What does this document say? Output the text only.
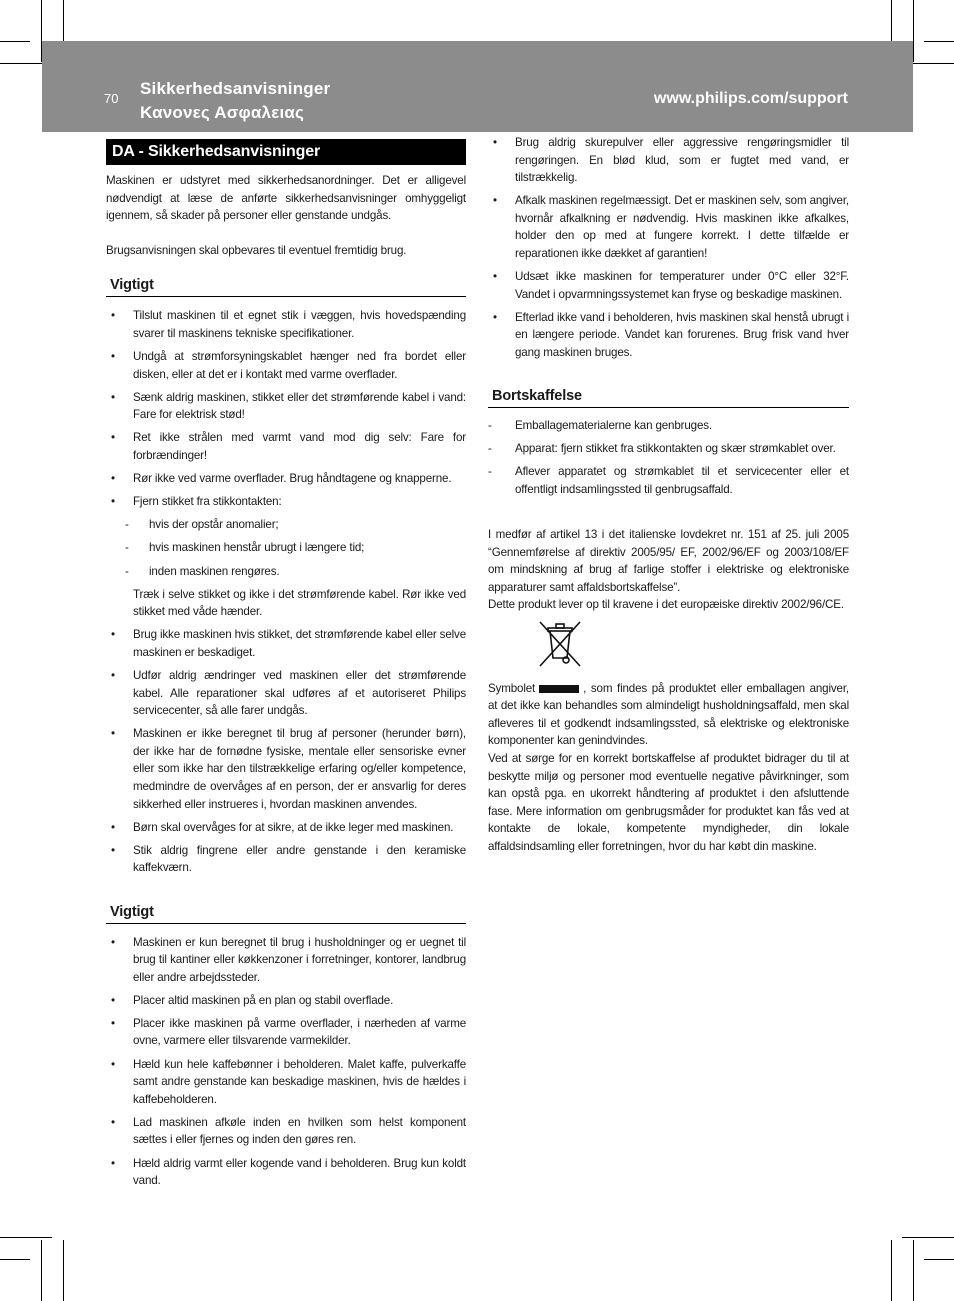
70
Sikkerhedsanvisninger
Κανονες Ασφαλειας
www.philips.com/support
DA - Sikkerhedsanvisninger

Maskinen er udstyret med sikkerhedsanordninger. Det er alligevel nødvendigt at læse de anførte sikkerhedsanvisninger omhyggeligt igennem, så skader på personer eller genstande undgås.

Brugsanvisningen skal opbevares til eventuel fremtidig brug.

Vigtigt
• Tilslut maskinen til et egnet stik i væggen, hvis hovedspænding svarer til maskinens tekniske specifikationer.
• Undgå at strømforsyningskablet hænger ned fra bordet eller disken, eller at det er i kontakt med varme overflader.
• Sænk aldrig maskinen, stikket eller det strømførende kabel i vand: Fare for elektrisk stød!
• Ret ikke strålen med varmt vand mod dig selv: Fare for forbrændinger!
• Rør ikke ved varme overflader. Brug håndtagene og knapperne.
• Fjern stikket fra stikkontakten:
- hvis der opstår anomalier;
- hvis maskinen henstår ubrugt i længere tid;
- inden maskinen rengøres.
Træk i selve stikket og ikke i det strømførende kabel. Rør ikke ved stikket med våde hænder.
• Brug ikke maskinen hvis stikket, det strømførende kabel eller selve maskinen er beskadiget.
• Udfør aldrig ændringer ved maskinen eller det strømførende kabel. Alle reparationer skal udføres af et autoriseret Philips servicecenter, så alle farer undgås.
• Maskinen er ikke beregnet til brug af personer (herunder børn), der ikke har de fornødne fysiske, mentale eller sensoriske evner eller som ikke har den tilstrækkelige erfaring og/eller kompetence, medmindre de overvåges af en person, der er ansvarlig for deres sikkerhed eller instrueres i, hvordan maskinen anvendes.
• Børn skal overvåges for at sikre, at de ikke leger med maskinen.
• Stik aldrig fingrene eller andre genstande i den keramiske kaffekværn.
Vigtigt
• Maskinen er kun beregnet til brug i husholdninger og er uegnet til brug til kantiner eller køkkenzoner i forretninger, kontorer, landbrug eller andre arbejdssteder.
• Placer altid maskinen på en plan og stabil overflade.
• Placer ikke maskinen på varme overflader, i nærheden af varme ovne, varmere eller tilsvarende varmekilder.
• Hæld kun hele kaffebønner i beholderen. Malet kaffe, pulverkaffe samt andre genstande kan beskadige maskinen, hvis de hældes i kaffebeholderen.
• Lad maskinen afkøle inden en hvilken som helst komponent sættes i eller fjernes og inden den gøres ren.
• Hæld aldrig varmt eller kogende vand i beholderen. Brug kun koldt vand.
• Brug aldrig skurepulver eller aggressive rengøringsmidler til rengøringen. En blød klud, som er fugtet med vand, er tilstrækkelig.
• Afkalk maskinen regelmæssigt. Det er maskinen selv, som angiver, hvornår afkalkning er nødvendig. Hvis maskinen ikke afkalkes, holder den op med at fungere korrekt. I dette tilfælde er reparationen ikke dækket af garantien!
• Udsæt ikke maskinen for temperaturer under 0°C eller 32°F. Vandet i opvarmningssystemet kan fryse og beskadige maskinen.
• Efterlad ikke vand i beholderen, hvis maskinen skal henstå ubrugt i en længere periode. Vandet kan forurenes. Brug frisk vand hver gang maskinen bruges.
Bortskaffelse
- Emballagematerialerne kan genbruges.
- Apparat: fjern stikket fra stikkontakten og skær strømkablet over.
- Aflever apparatet og strømkablet til et servicecenter eller et offentligt indsamlingssted til genbrugsaffald.

I medfør af artikel 13 i det italienske lovdekret nr. 151 af 25. juli 2005 “Gennemførelse af direktiv 2005/95/ EF, 2002/96/EF og 2003/108/EF om mindskning af brug af farlige stoffer i elektriske og elektroniske apparaturer samt affaldsbortskaffelse”.

Dette produkt lever op til kravene i det europæiske direktiv 2002/96/CE.

Symbolet	, som findes på produktet eller emballagen angiver, at det ikke kan behandles som almindeligt husholdningsaffald, men skal afleveres til et godkendt indsamlingssted, så elektriske og elektroniske komponenter kan genindvindes.

Ved at sørge for en korrekt bortskaffelse af produktet bidrager du til at beskytte miljø og personer mod eventuelle negative påvirkninger, som kan opstå pga. en ukorrekt håndtering af produktet i den afsluttende fase. Mere information om genbrugsmåder for produktet kan fås ved at kontakte de lokale, kompetente myndigheder, din lokale affaldsindsamling eller forretningen, hvor du har købt din maskine.
